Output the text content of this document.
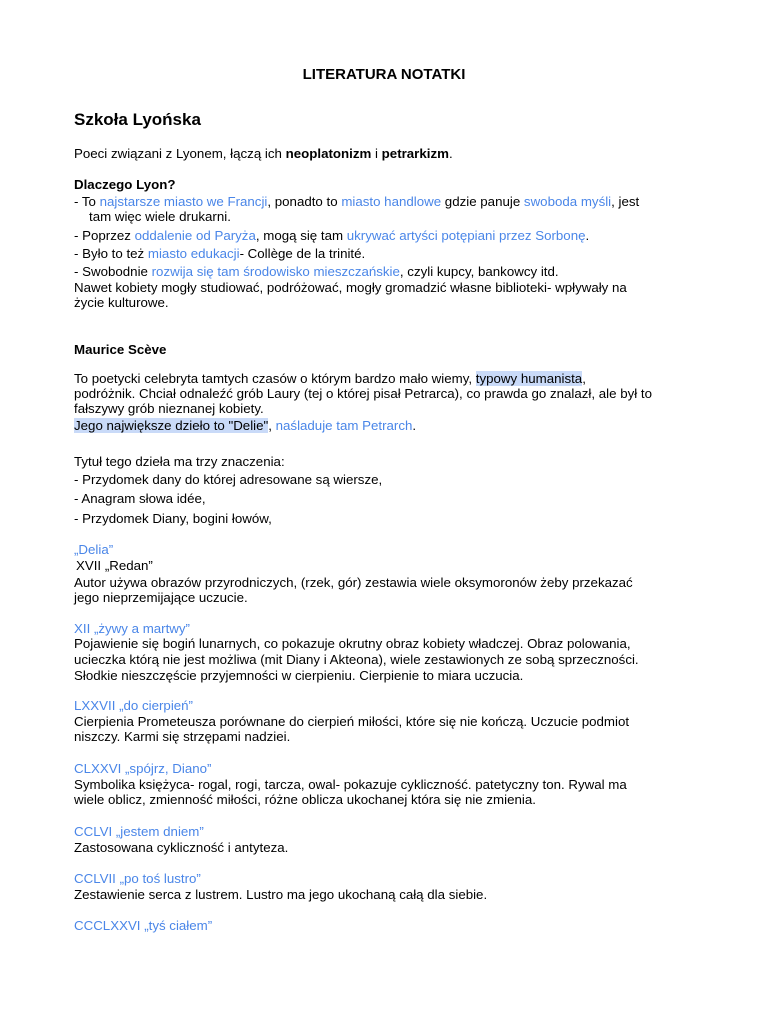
LITERATURA NOTATKI
Szkoła Lyońska
Poeci związani z Lyonem, łączą ich neoplatonizm i petrarkizm.
Dlaczego Lyon?
- To najstarsze miasto we Francji, ponadto to miasto handlowe gdzie panuje swoboda myśli, jest
tam więc wiele drukarni.
- Poprzez oddalenie od Paryża, mogą się tam ukrywać artyści potępiani przez Sorbonę.
- Było to też miasto edukacji- Collège de la trinité.
- Swobodnie rozwija się tam środowisko mieszczańskie, czyli kupcy, bankowcy itd.
Nawet kobiety mogły studiować, podróżować, mogły gromadzić własne biblioteki- wpływały na
życie kulturowe.
Maurice Scève
To poetycki celebryta tamtych czasów o którym bardzo mało wiemy, typowy humanista,
podróżnik. Chciał odnaleźć grób Laury (tej o której pisał Petrarca), co prawda go znalazł, ale był to
fałszywy grób nieznanej kobiety.
Jego największe dzieło to "Delie", naśladuje tam Petrarch.
Tytuł tego dzieła ma trzy znaczenia:
- Przydomek dany do której adresowane są wiersze,
- Anagram słowa idée,
- Przydomek Diany, bogini łowów,
„Delia”
XVII „Redan”
Autor używa obrazów przyrodniczych, (rzek, gór) zestawia wiele oksymoronów żeby przekazać
jego nieprzemijające uczucie.
XII „żywy a martwy”
Pojawienie się bogiń lunarnych, co pokazuje okrutny obraz kobiety władczej. Obraz polowania,
ucieczka którą nie jest możliwa (mit Diany i Akteona), wiele zestawionych ze sobą sprzeczności.
Słodkie nieszczęście przyjemności w cierpieniu. Cierpienie to miara uczucia.
LXXVII „do cierpień”
Cierpienia Prometeusza porównane do cierpień miłości, które się nie kończą. Uczucie podmiot
niszczy. Karmi się strzępami nadziei.
CLXXVI „spójrz, Diano”
Symbolika księżyca- rogal, rogi, tarcza, owal- pokazuje cykliczność. patetyczny ton. Rywal ma
wiele oblicz, zmienność miłości, różne oblicza ukochanej która się nie zmienia.
CCLVI „jestem dniem”
Zastosowana cykliczność i antyteza.
CCLVII „po toś lustro”
Zestawienie serca z lustrem. Lustro ma jego ukochaną całą dla siebie.
CCCLXXVI „tyś ciałem”
